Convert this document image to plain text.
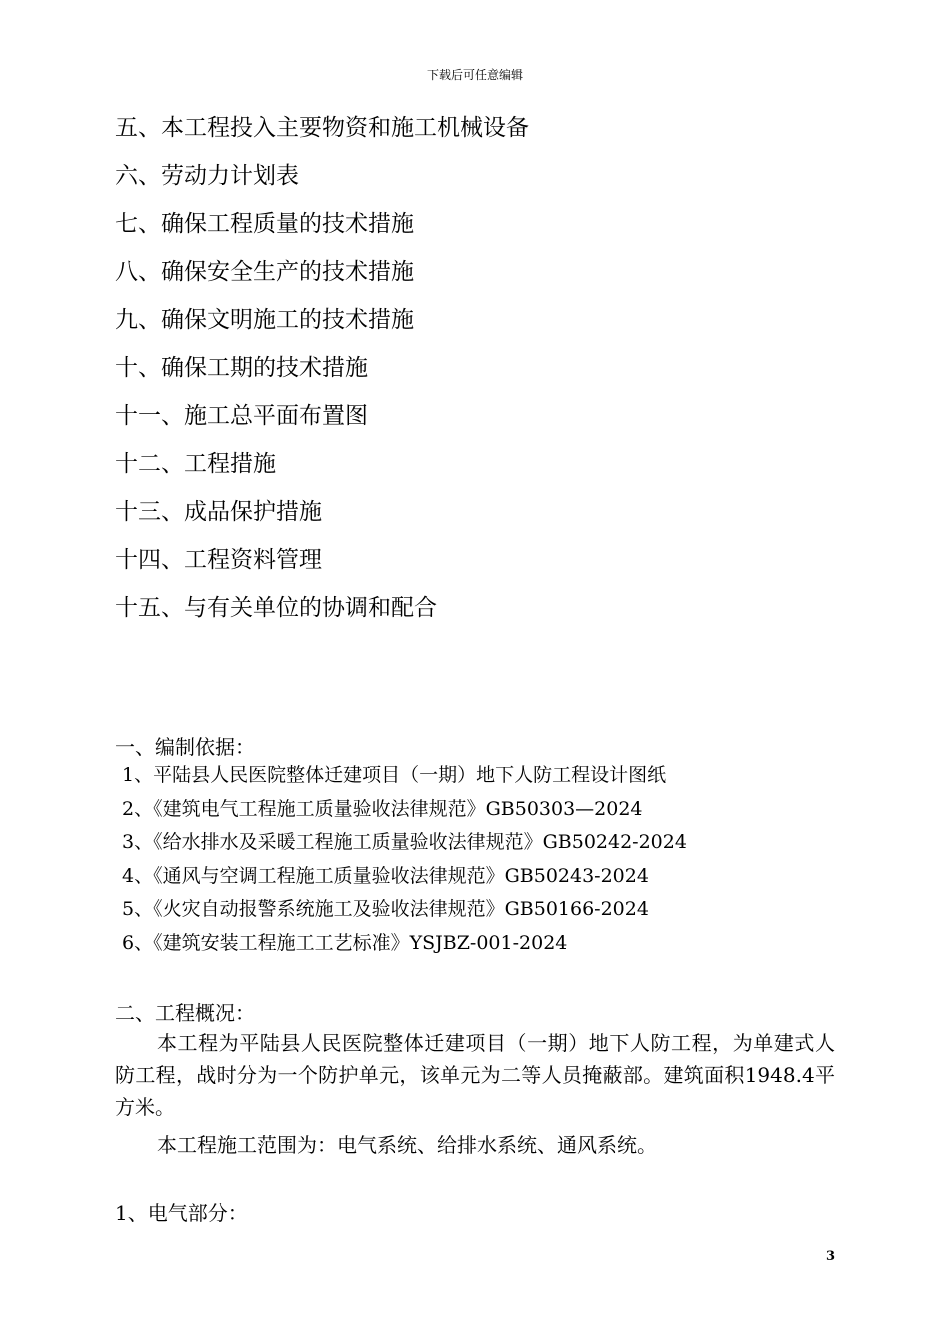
下载后可任意编辑
五、本工程投入主要物资和施工机械设备
六、劳动力计划表
七、确保工程质量的技术措施
八、确保安全生产的技术措施
九、确保文明施工的技术措施
十、确保工期的技术措施
十一、施工总平面布置图
十二、工程措施
十三、成品保护措施
十四、工程资料管理
十五、与有关单位的协调和配合
一、编制依据：
1、平陆县人民医院整体迁建项目（一期）地下人防工程设计图纸
2、《建筑电气工程施工质量验收法律规范》GB50303—2024
3、《给水排水及采暖工程施工质量验收法律规范》GB50242-2024
4、《通风与空调工程施工质量验收法律规范》GB50243-2024
5、《火灾自动报警系统施工及验收法律规范》GB50166-2024
6、《建筑安装工程施工工艺标准》YSJBZ-001-2024
二、工程概况：

本工程为平陆县人民医院整体迁建项目（一期）地下人防工程，为单建式人防工程，战时分为一个防护单元，该单元为二等人员掩蔽部。建筑面积1948.4平方米。

本工程施工范围为：电气系统、给排水系统、通风系统。

1、电气部分：
3
